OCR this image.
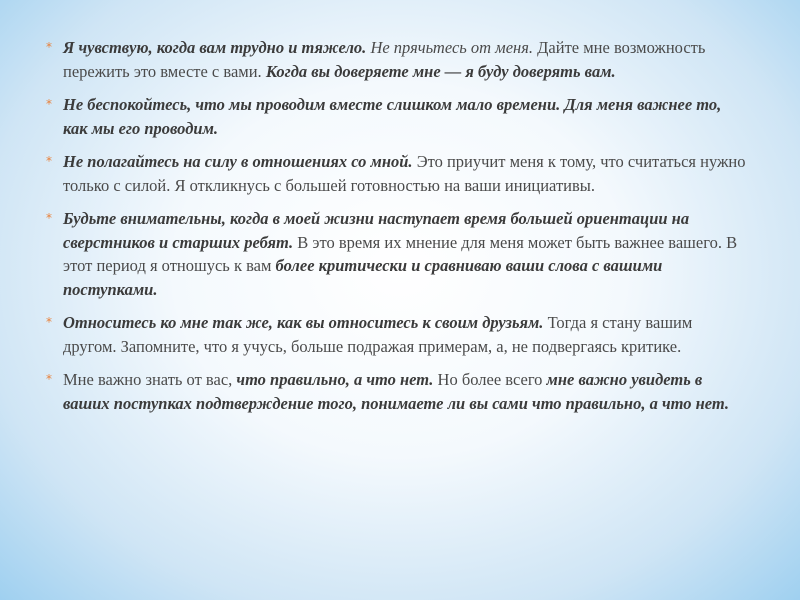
* Я чувствую, когда вам трудно и тяжело. Не прячьтесь от меня. Дайте мне возможность пережить это вместе с вами. Когда вы доверяете мне — я буду доверять вам.

* Не беспокойтесь, что мы проводим вместе слишком мало времени. Для меня важнее то, как мы его проводим.

* Не полагайтесь на силу в отношениях со мной. Это приучит меня к тому, что считаться нужно только с силой. Я откликнусь с большей готовностью на ваши инициативы.

* Будьте внимательны, когда в моей жизни наступает время большей ориентации на сверстников и старших ребят. В это время их мнение для меня может быть важнее вашего. В этот период я отношусь к вам более критически и сравниваю ваши слова с вашими поступками.

* Относитесь ко мне так же, как вы относитесь к своим друзьям. Тогда я стану вашим другом. Запомните, что я учусь, больше подражая примерам, а, не подвергаясь критике.

* Мне важно знать от вас, что правильно, а что нет. Но более всего мне важно увидеть в ваших поступках подтверждение того, понимаете ли вы сами что правильно, а что нет.
